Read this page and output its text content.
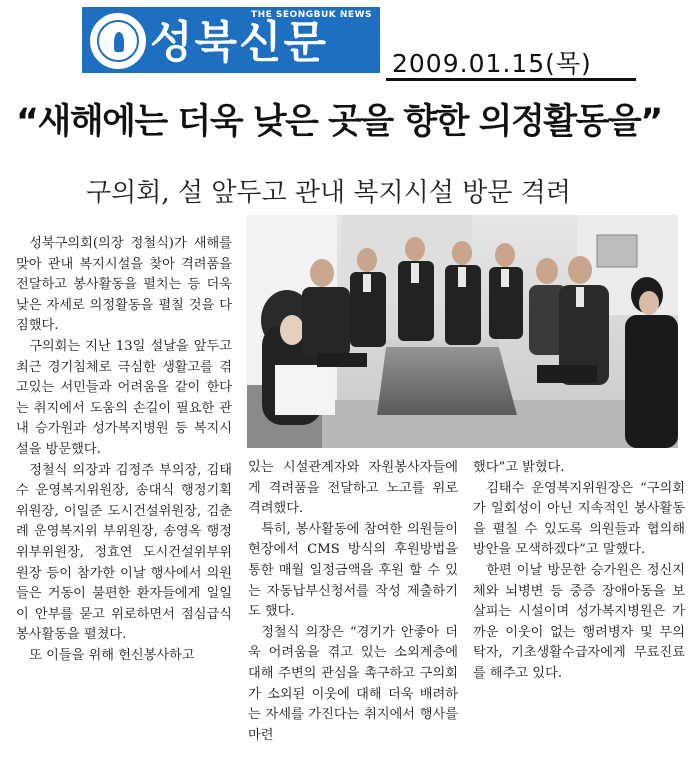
THE SEONGBUK NEWS
성북신문	2009.01.15(목)
“새해에는 더욱 낮은 곳을 향한 의정활동을”
구의회, 설 앞두고 관내 복지시설 방문 격려

성북구의회(의장 정철식)가 새해를 맞아 관내 복지시설을 찾아 격려품을 전달하고 봉사활동을 펼치는 등 더욱 낮은 자세로 의정활동을 펼칠 것을 다짐했다.

구의회는 지난 13일 설날을 앞두고 최근 경기침체로 극심한 생활고를 겪고있는 서민들과 어려움을 같이 한다는 취지에서 도움의 손길이 필요한 관내 승가원과 성가복지병원 등 복지시설을 방문했다.

정철식 의장과 김정주 부의장, 김태수 운영복지위원장, 송대식 행정기획위원장, 이일준 도시건설위원장, 김춘례 운영복지위 부위원장, 송영옥 행정위부위원장, 정효연 도시건설위부위원장 등이 참가한 이날 행사에서 의원들은 거동이 불편한 환자들에게 일일이 안부를 묻고 위로하면서 점심급식 봉사활동을 펼쳤다.

또 이들을 위해 헌신봉사하고

있는 시설관계자와 자원봉사자들에게 격려품을 전달하고 노고를 위로 격려했다.

특히, 봉사활동에 참여한 의원들이 현장에서 CMS 방식의 후원방법을 통한 매월 일정금액을 후원 할 수 있는 자동납부신청서를 작성 제출하기도 했다.

정철식 의장은 “경기가 안좋아 더욱 어려움을 겪고 있는 소외계층에 대해 주변의 관심을 촉구하고 구의회가 소외된 이웃에 대해 더욱 배려하는 자세를 가진다는 취지에서 행사를 마련

했다”고 밝혔다.

김태수 운영복지위원장은 “구의회가 일회성이 아닌 지속적인 봉사활동을 펼칠 수 있도록 의원들과 협의해 방안을 모색하겠다”고 말했다.

한편 이날 방문한 승가원은 정신지체와 뇌병변 등 중증 장애아동을 보살피는 시설이며 성가복지병원은 가까운 이웃이 없는 행려병자 및 무의탁자, 기초생활수급자에게 무료진료를 해주고 있다.
